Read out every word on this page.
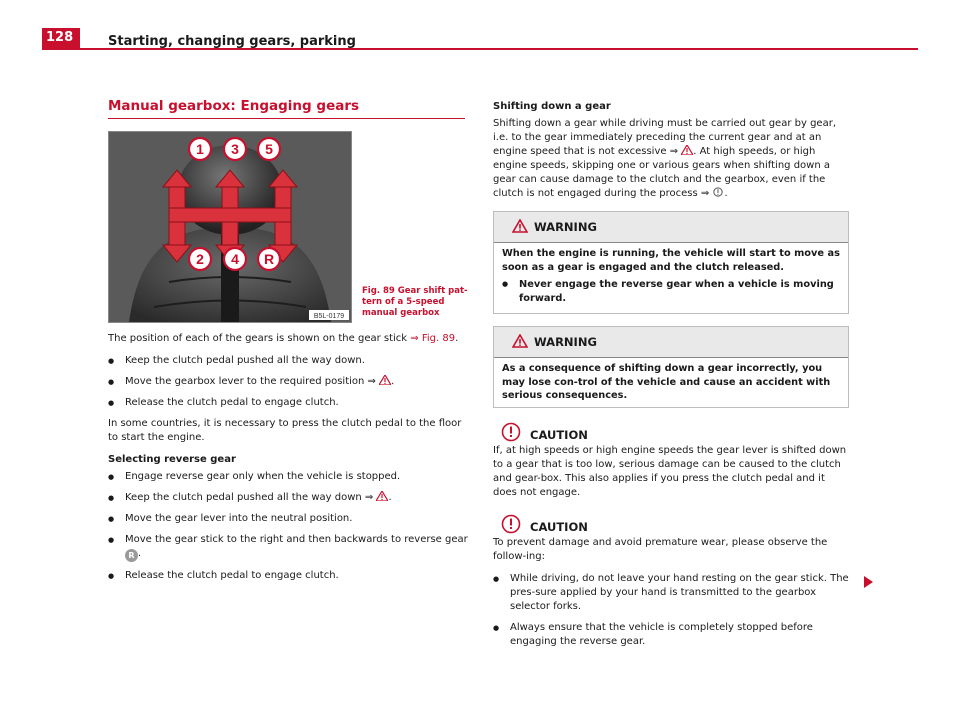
128	Starting, changing gears, parking
Manual gearbox: Engaging gears
1 3 5
2 4 R
B5L-0179
Fig. 89 Gear shift pat-tern of a 5-speed manual gearbox

The position of each of the gears is shown on the gear stick ⇒ Fig. 89.

● Keep the clutch pedal pushed all the way down.
● Move the gearbox lever to the required position ⇒ .
● Release the clutch pedal to engage clutch.

In some countries, it is necessary to press the clutch pedal to the floor to start the engine.

Selecting reverse gear
● Engage reverse gear only when the vehicle is stopped.
● Keep the clutch pedal pushed all the way down ⇒ .
● Move the gear lever into the neutral position.
● Move the gear stick to the right and then backwards to reverse gear R .
● Release the clutch pedal to engage clutch.
Shifting down a gear

Shifting down a gear while driving must be carried out gear by gear, i.e. to the gear immediately preceding the current gear and at an engine speed that is not excessive ⇒ . At high speeds, or high engine speeds, skipping one or various gears when shifting down a gear can cause damage to the clutch and the gearbox, even if the clutch is not engaged during the process ⇒ .

WARNING
When the engine is running, the vehicle will start to move as soon as a gear is engaged and the clutch released.
● Never engage the reverse gear when a vehicle is moving forward.
WARNING
As a consequence of shifting down a gear incorrectly, you may lose con-trol of the vehicle and cause an accident with serious consequences.
CAUTION

If, at high speeds or high engine speeds the gear lever is shifted down to a gear that is too low, serious damage can be caused to the clutch and gear-box. This also applies if you press the clutch pedal and it does not engage.

CAUTION

To prevent damage and avoid premature wear, please observe the follow-ing:

● While driving, do not leave your hand resting on the gear stick. The pres-sure applied by your hand is transmitted to the gearbox selector forks.
● Always ensure that the vehicle is completely stopped before engaging the reverse gear.
